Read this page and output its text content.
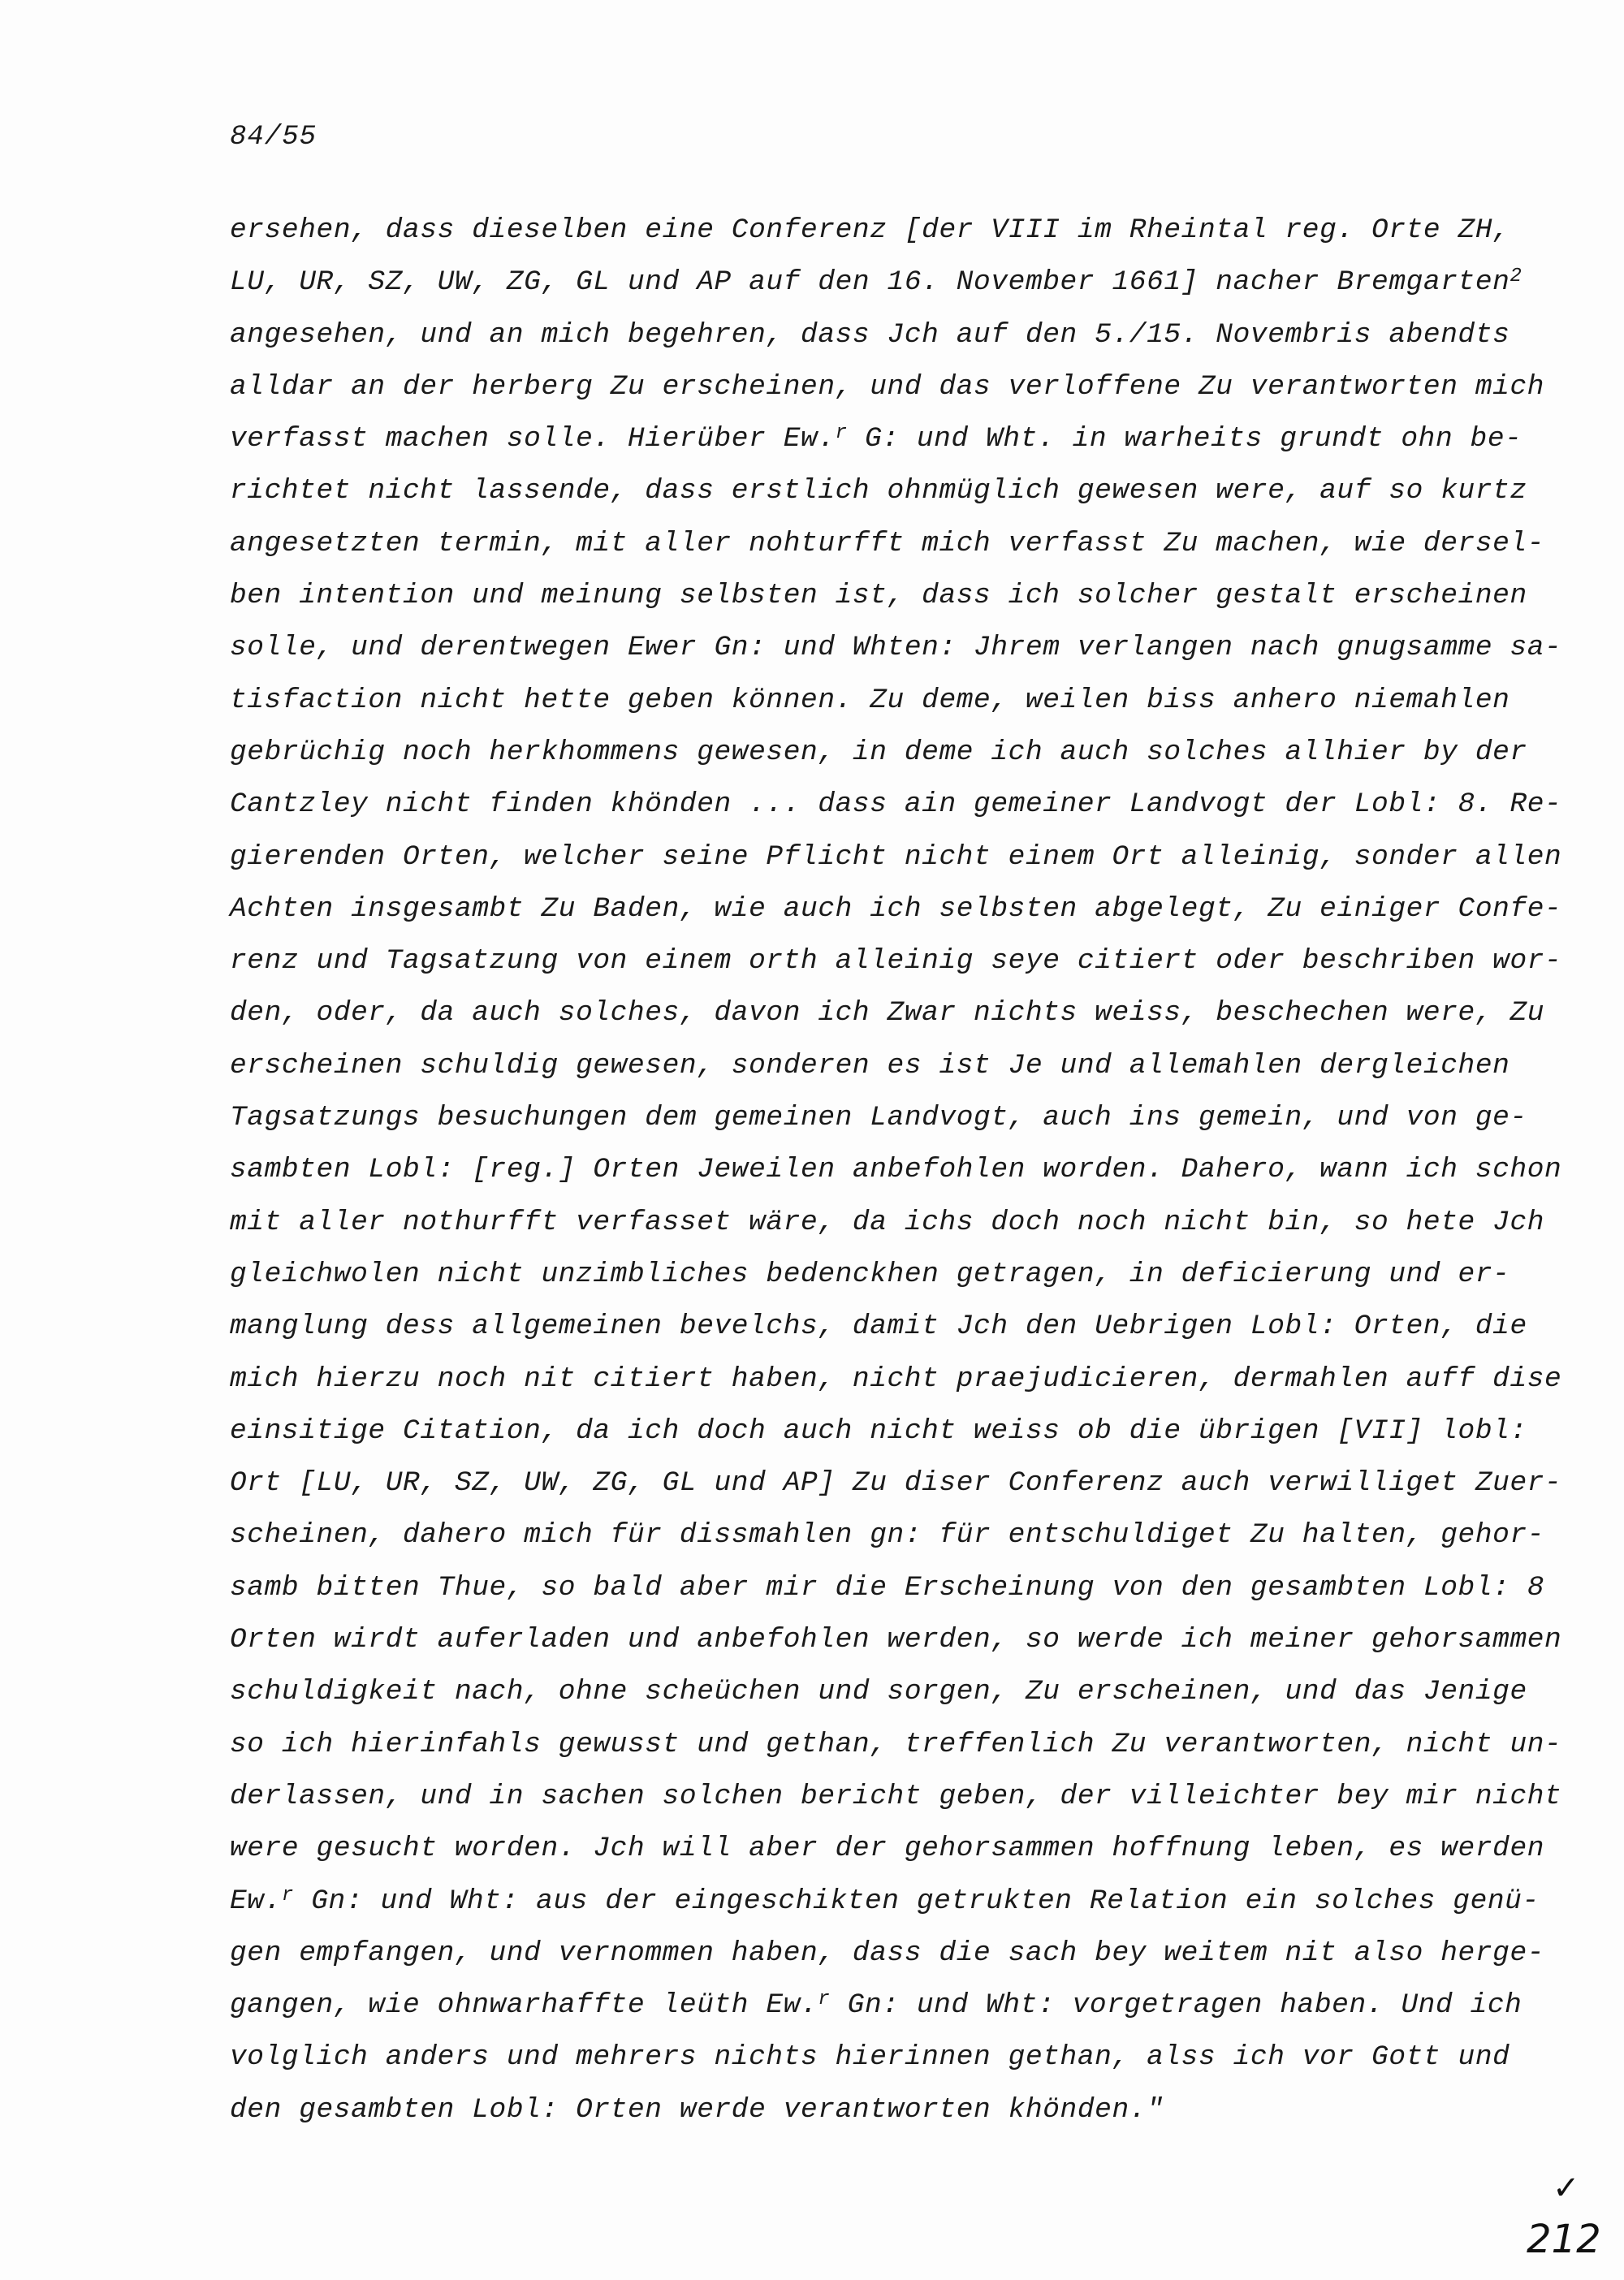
84/55
ersehen, dass dieselben eine Conferenz [der VIII im Rheintal reg. Orte ZH,
LU, UR, SZ, UW, ZG, GL und AP auf den 16. November 1661] nacher Bremgarten$^2$
angesehen, und an mich begehren, dass Jch auf den 5./15. Novembris abendts
alldar an der herberg Zu erscheinen, und das verloffene Zu verantworten mich
verfasst machen solle. Hierüber Ew.$^r$ G: und Wht. in warheits grundt ohn be-
richtet nicht lassende, dass erstlich ohnmüglich gewesen were, auf so kurtz
angesetzten termin, mit aller nohturfft mich verfasst Zu machen, wie dersel-
ben intention und meinung selbsten ist, dass ich solcher gestalt erscheinen
solle, und derentwegen Ewer Gn: und Whten: Jhrem verlangen nach gnugsamme sa-
tisfaction nicht hette geben können. Zu deme, weilen biss anhero niemahlen
gebrüchig noch herkhommens gewesen, in deme ich auch solches allhier by der
Cantzley nicht finden khönden ... dass ain gemeiner Landvogt der Lobl: 8. Re-
gierenden Orten, welcher seine Pflicht nicht einem Ort alleinig, sonder allen
Achten insgesambt Zu Baden, wie auch ich selbsten abgelegt, Zu einiger Confe-
renz und Tagsatzung von einem orth alleinig seye citiert oder beschriben wor-
den, oder, da auch solches, davon ich Zwar nichts weiss, beschechen were, Zu
erscheinen schuldig gewesen, sonderen es ist Je und allemahlen dergleichen
Tagsatzungs besuchungen dem gemeinen Landvogt, auch ins gemein, und von ge-
sambten Lobl: [reg.] Orten Jeweilen anbefohlen worden. Dahero, wann ich schon
mit aller nothurfft verfasset wäre, da ichs doch noch nicht bin, so hete Jch
gleichwolen nicht unzimbliches bedenckhen getragen, in deficierung und er-
manglung dess allgemeinen bevelchs, damit Jch den Uebrigen Lobl: Orten, die
mich hierzu noch nit citiert haben, nicht praejudicieren, dermahlen auff dise
einsitige Citation, da ich doch auch nicht weiss ob die übrigen [VII] lobl:
Ort [LU, UR, SZ, UW, ZG, GL und AP] Zu diser Conferenz auch verwilliget Zuer-
scheinen, dahero mich für dissmahlen gn: für entschuldiget Zu halten, gehor-
samb bitten Thue, so bald aber mir die Erscheinung von den gesambten Lobl: 8
Orten wirdt auferladen und anbefohlen werden, so werde ich meiner gehorsammen
schuldigkeit nach, ohne scheüchen und sorgen, Zu erscheinen, und das Jenige
so ich hierinfahls gewusst und gethan, treffenlich Zu verantworten, nicht un-
derlassen, und in sachen solchen bericht geben, der villeichter bey mir nicht
were gesucht worden. Jch will aber der gehorsammen hoffnung leben, es werden
Ew.$^r$ Gn: und Wht: aus der eingeschikten getrukten Relation ein solches genü-
gen empfangen, und vernommen haben, dass die sach bey weitem nit also herge-
gangen, wie ohnwarhaffte leüth Ew.$^r$ Gn: und Wht: vorgetragen haben. Und ich
volglich anders und mehrers nichts hierinnen gethan, alss ich vor Gott und
den gesambten Lobl: Orten werde verantworten khönden."
✓
212
